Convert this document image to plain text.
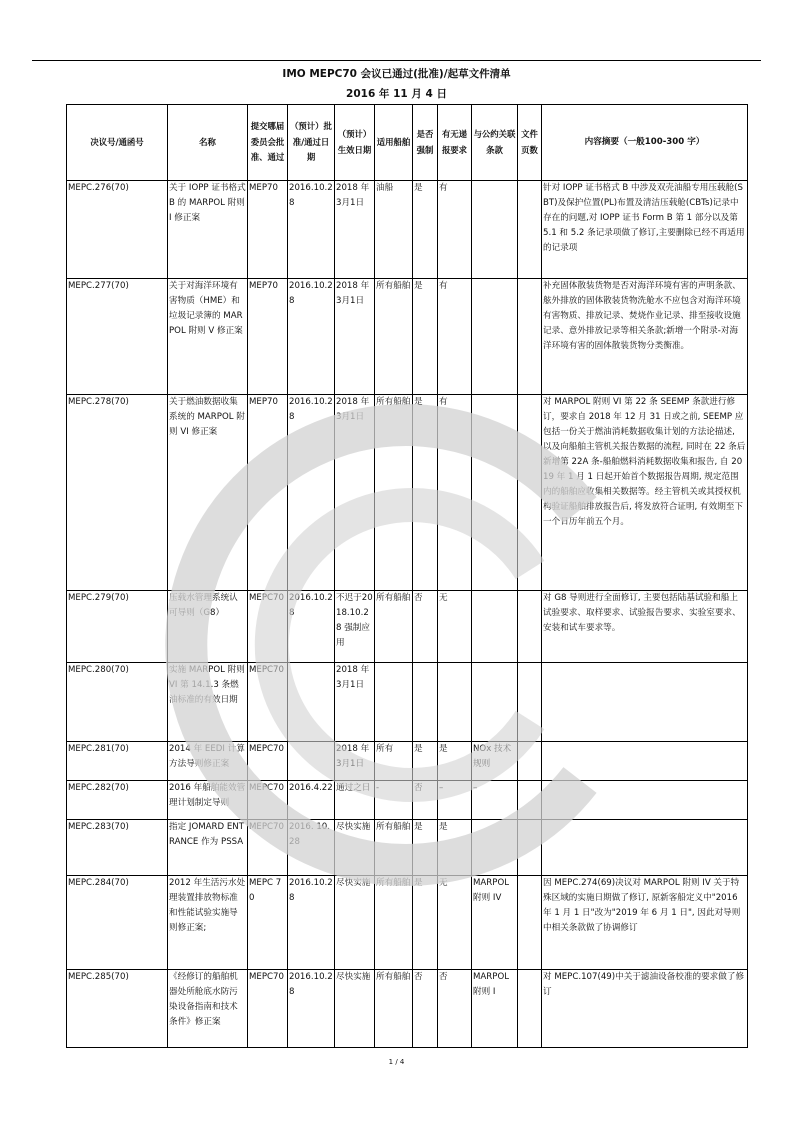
IMO MEPC70 会议已通过(批准)/起草文件清单
2016 年 11 月 4 日
决议号/通函号	名称	提交哪届委员会批准、通过	（预计）批准/通过日期	（预计）生效日期	适用船舶	是否强制	有无递报要求	与公约关联条款	文件页数	内容摘要（一般100-300 字）
MEPC.276(70)	关于 IOPP 证书格式 B 的 MARPOL 附则 I 修正案	MEP70	2016.10.28	2018 年3月1日	油船	是	有			针对 IOPP 证书格式 B 中涉及双壳油船专用压载舱(SBT)及保护位置(PL)布置及清洁压载舱(CBTs)记录中存在的问题,对 IOPP 证书 Form B 第 1 部分以及第 5.1 和 5.2 条记录项做了修订,主要删除已经不再适用的记录项
MEPC.277(70)	关于对海洋环境有害物质（HME）和垃圾记录簿的 MARPOL 附则 V 修正案	MEP70	2016.10.28	2018 年3月1日	所有船舶	是	有			补充固体散装货物是否对海洋环境有害的声明条款、舷外排放的固体散装货物洗舱水不应包含对海洋环境有害物质、排放记录、焚烧作业记录、排至接收设施记录、意外排放记录等相关条款;新增一个附录-对海洋环境有害的固体散装货物分类衡准。
MEPC.278(70)	关于燃油数据收集系统的 MARPOL 附则 VI 修正案	MEP70	2016.10.28	2018 年3月1日	所有船舶	是	有			对 MARPOL 附则 VI 第 22 条 SEEMP 条款进行修订，要求自 2018 年 12 月 31 日或之前, SEEMP 应包括一份关于燃油消耗数据收集计划的方法论描述, 以及向船舶主管机关报告数据的流程, 同时在 22 条后新增第 22A 条-船舶燃料消耗数据收集和报告, 自 2019 年 1 月 1 日起开始首个数据报告周期, 规定范围内的船舶应收集相关数据等。经主管机关或其授权机构验证船舶排放报告后, 将发放符合证明, 有效期至下一个日历年前五个月。
MEPC.279(70)	压载水管理系统认可导则（G8）	MEPC70	2016.10.28	不迟于2018.10.28 强制应用	所有船舶	否	无			对 G8 导则进行全面修订, 主要包括陆基试验和船上试验要求、取样要求、试验报告要求、实验室要求、安装和试车要求等。
MEPC.280(70)	实施 MARPOL 附则 VI 第 14.1.3 条燃油标准的有效日期	MEPC70		2018 年3月1日						
MEPC.281(70)	2014 年 EEDI 计算方法导则修正案	MEPC70		2018 年3月1日	所有	是	是	NOx 技术规则		
MEPC.282(70)	2016 年船舶能效管理计划制定导则	MEPC70	2016.4.22	通过之日	-	否	–	–		
MEPC.283(70)	指定 JOMARD ENTRANCE 作为 PSSA	MEPC70	2016. 10.28	尽快实施	所有船舶	是	是			
MEPC.284(70)	2012 年生活污水处理装置排放物标准和性能试验实施导则修正案;	MEPC 70	2016.10.28	尽快实施	所有船舶	是	无	MARPOL 附则 IV		因 MEPC.274(69)决议对 MARPOL 附则 IV 关于特殊区域的实施日期做了修订, 原新客船定义中"2016 年 1 月 1 日"改为"2019 年 6 月 1 日", 因此对导则中相关条款做了协调修订
MEPC.285(70)	《经修订的船舶机器处所舱底水防污染设备指南和技术条件》修正案	MEPC70	2016.10.28	尽快实施	所有船舶	否	否	MARPOL 附则 I		对 MEPC.107(49)中关于滤油设备校准的要求做了修订
1 / 4
